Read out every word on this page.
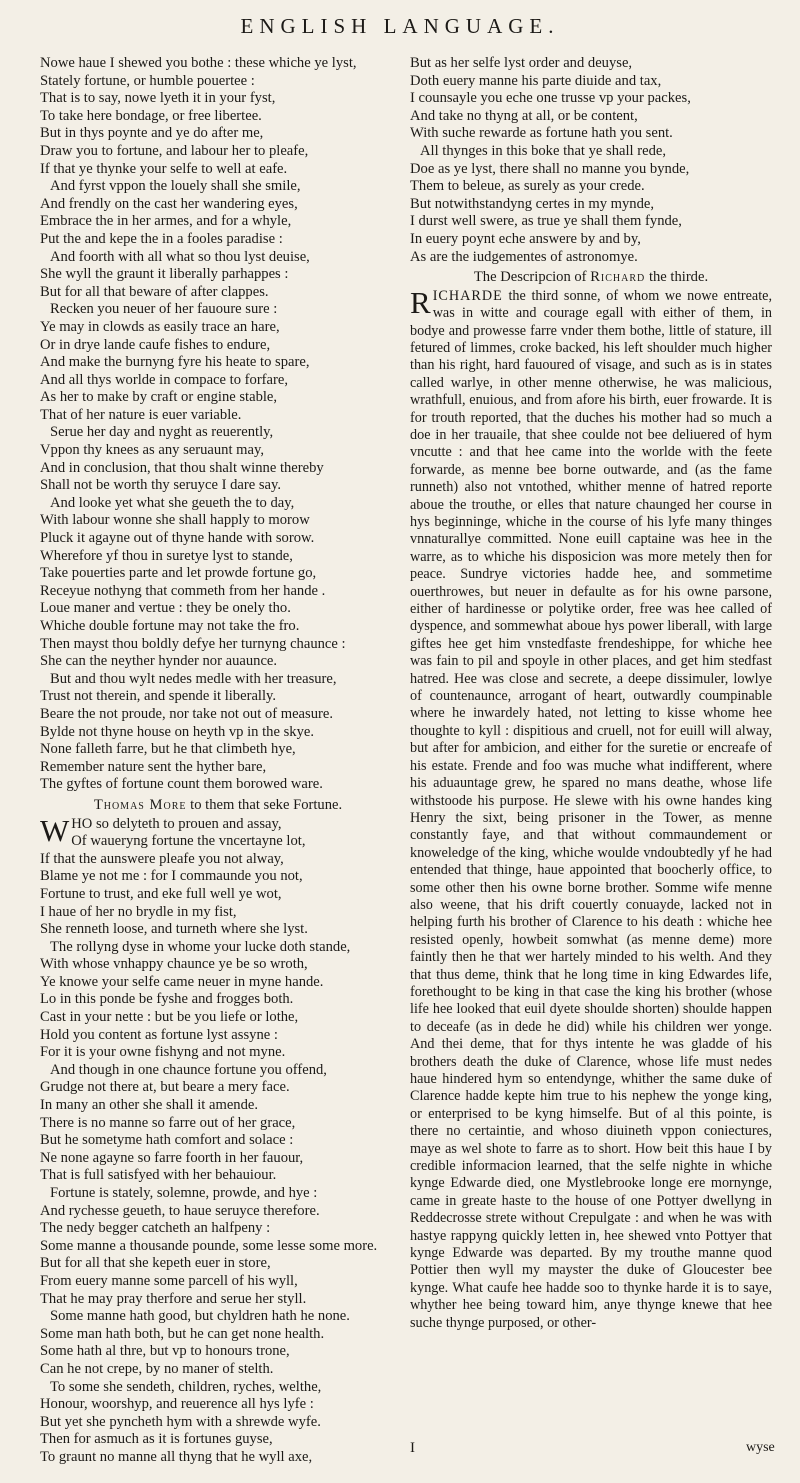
ENGLISH LANGUAGE.
Nowe haue I shewed you bothe : these whiche ye lyst,
Stately fortune, or humble pouertee :
That is to say, nowe lyeth it in your fyst,
To take here bondage, or free libertee.
But in thys poynte and ye do after me,
Draw you to fortune, and labour her to pleafe,
If that ye thynke your selfe to well at eafe.
And fyrst vppon the louely shall she smile,
And frendly on the cast her wandering eyes,
Embrace the in her armes, and for a whyle,
Put the and kepe the in a fooles paradise :
And foorth with all what so thou lyst deuise,
She wyll the graunt it liberally parhappes :
But for all that beware of after clappes.
Recken you neuer of her fauoure sure :
Ye may in clowds as easily trace an hare,
Or in drye lande caufe fishes to endure,
And make the burnyng fyre his heate to spare,
And all thys worlde in compace to forfare,
As her to make by craft or engine stable,
That of her nature is euer variable.
Serue her day and nyght as reuerently,
Vppon thy knees as any seruaunt may,
And in conclusion, that thou shalt winne thereby
Shall not be worth thy seruyce I dare say.
And looke yet what she geueth the to day,
With labour wonne she shall happly to morow
Pluck it agayne out of thyne hande with sorow.
Wherefore yf thou in suretye lyst to stande,
Take pouerties parte and let prowde fortune go,
Receyue nothyng that commeth from her hande .
Loue maner and vertue : they be onely tho.
Whiche double fortune may not take the fro.
Then mayst thou boldly defye her turnyng chaunce :
She can the neyther hynder nor auaunce.
But and thou wylt nedes medle with her treasure,
Trust not therein, and spende it liberally.
Beare the not proude, nor take not out of measure.
Bylde not thyne house on heyth vp in the skye.
None falleth farre, but he that climbeth hye,
Remember nature sent the hyther bare,
The gyftes of fortune count them borowed ware.
Thomas More to them that seke Fortune.
W HO so delyteth to prouen and assay,
Of waueryng fortune the vncertayne lot,
If that the aunswere pleafe you not alway,
Blame ye not me : for I commaunde you not,
Fortune to trust, and eke full well ye wot,
I haue of her no brydle in my fist,
She renneth loose, and turneth where she lyst.
The rollyng dyse in whome your lucke doth stande,
With whose vnhappy chaunce ye be so wroth,
Ye knowe your selfe came neuer in myne hande.
Lo in this ponde be fyshe and frogges both.
Cast in your nette : but be you liefe or lothe,
Hold you content as fortune lyst assyne :
For it is your owne fishyng and not myne.
And though in one chaunce fortune you offend,
Grudge not there at, but beare a mery face.
In many an other she shall it amende.
There is no manne so farre out of her grace,
But he sometyme hath comfort and solace :
Ne none agayne so farre foorth in her fauour,
That is full satisfyed with her behauiour.
Fortune is stately, solemne, prowde, and hye :
And rychesse geueth, to haue seruyce therefore.
The nedy begger catcheth an halfpeny :
Some manne a thousande pounde, some lesse some more.
But for all that she kepeth euer in store,
From euery manne some parcell of his wyll,
That he may pray therfore and serue her styll.
Some manne hath good, but chyldren hath he none.
Some man hath both, but he can get none health.
Some hath al thre, but vp to honours trone,
Can he not crepe, by no maner of stelth.
To some she sendeth, children, ryches, welthe,
Honour, woorshyp, and reuerence all hys lyfe :
But yet she pyncheth hym with a shrewde wyfe.
Then for asmuch as it is fortunes guyse,
To graunt no manne all thyng that he wyll axe,
But as her selfe lyst order and deuyse,
Doth euery manne his parte diuide and tax,
I counsayle you eche one trusse vp your packes,
And take no thyng at all, or be content,
With suche rewarde as fortune hath you sent.
All thynges in this boke that ye shall rede,
Doe as ye lyst, there shall no manne you bynde,
Them to beleue, as surely as your crede.
But notwithstandyng certes in my mynde,
I durst well swere, as true ye shall them fynde,
In euery poynt eche answere by and by,
As are the iudgementes of astronomye.
The Descripcion of Richard the thirde.
RICHARDE the third sonne, of whom we nowe entreate, was in witte and courage egall with either of them, in bodye and prowesse farre vnder them bothe, little of stature, ill fetured of limmes, croke backed, his left shoulder much higher than his right, hard fauoured of visage, and such as is in states called warlye, in other menne otherwise, he was malicious, wrathfull, enuious, and from afore his birth, euer frowarde. It is for trouth reported, that the duches his mother had so much a doe in her trauaile, that shee coulde not bee deliuered of hym vncutte : and that hee came into the worlde with the feete forwarde, as menne bee borne outwarde, and (as the fame runneth) also not vntothed, whither menne of hatred reporte aboue the trouthe, or elles that nature chaunged her course in hys beginninge, whiche in the course of his lyfe many thinges vnnaturallye committed. None euill captaine was hee in the warre, as to whiche his disposicion was more metely then for peace. Sundrye victories hadde hee, and sommetime ouerthrowes, but neuer in defaulte as for his owne parsone, either of hardinesse or polytike order, free was hee called of dyspence, and sommewhat aboue hys power liberall, with large giftes hee get him vnstedfaste frendeshippe, for whiche hee was fain to pil and spoyle in other places, and get him stedfast hatred. Hee was close and secrete, a deepe dissimuler, lowlye of countenaunce, arrogant of heart, outwardly coumpinable where he inwardely hated, not letting to kisse whome hee thoughte to kyll : dispitious and cruell, not for euill will alway, but after for ambicion, and either for the suretie or encreafe of his estate. Frende and foo was muche what indifferent, where his aduauntage grew, he spared no mans deathe, whose life withstoode his purpose. He slewe with his owne handes king Henry the sixt, being prisoner in the Tower, as menne constantly faye, and that without commaundement or knoweledge of the king, whiche woulde vndoubtedly yf he had entended that thinge, haue appointed that boocherly office, to some other then his owne borne brother. Somme wife menne also weene, that his drift couertly conuayde, lacked not in helping furth his brother of Clarence to his death : whiche hee resisted openly, howbeit somwhat (as menne deme) more faintly then he that wer hartely minded to his welth. And they that thus deme, think that he long time in king Edwardes life, forethought to be king in that case the king his brother (whose life hee looked that euil dyete shoulde shorten) shoulde happen to deceafe (as in dede he did) while his children wer yonge. And thei deme, that for thys intente he was gladde of his brothers death the duke of Clarence, whose life must nedes haue hindered hym so entendynge, whither the same duke of Clarence hadde kepte him true to his nephew the yonge king, or enterprised to be kyng himselfe. But of al this pointe, is there no certaintie, and whoso diuineth vppon coniectures, maye as wel shote to farre as to short. How beit this haue I by credible informacion learned, that the selfe nighte in whiche kynge Edwarde died, one Mystlebrooke longe ere mornynge, came in greate haste to the house of one Pottyer dwellyng in Reddecrosse strete without Crepulgate : and when he was with hastye rappyng quickly letten in, hee shewed vnto Pottyer that kynge Edwarde was departed. By my trouthe manne quod Pottier then wyll my mayster the duke of Gloucester bee kynge. What caufe hee hadde soo to thynke harde it is to saye, whyther hee being toward him, anye thynge knewe that hee suche thynge purposed, or other-
I	wyse
